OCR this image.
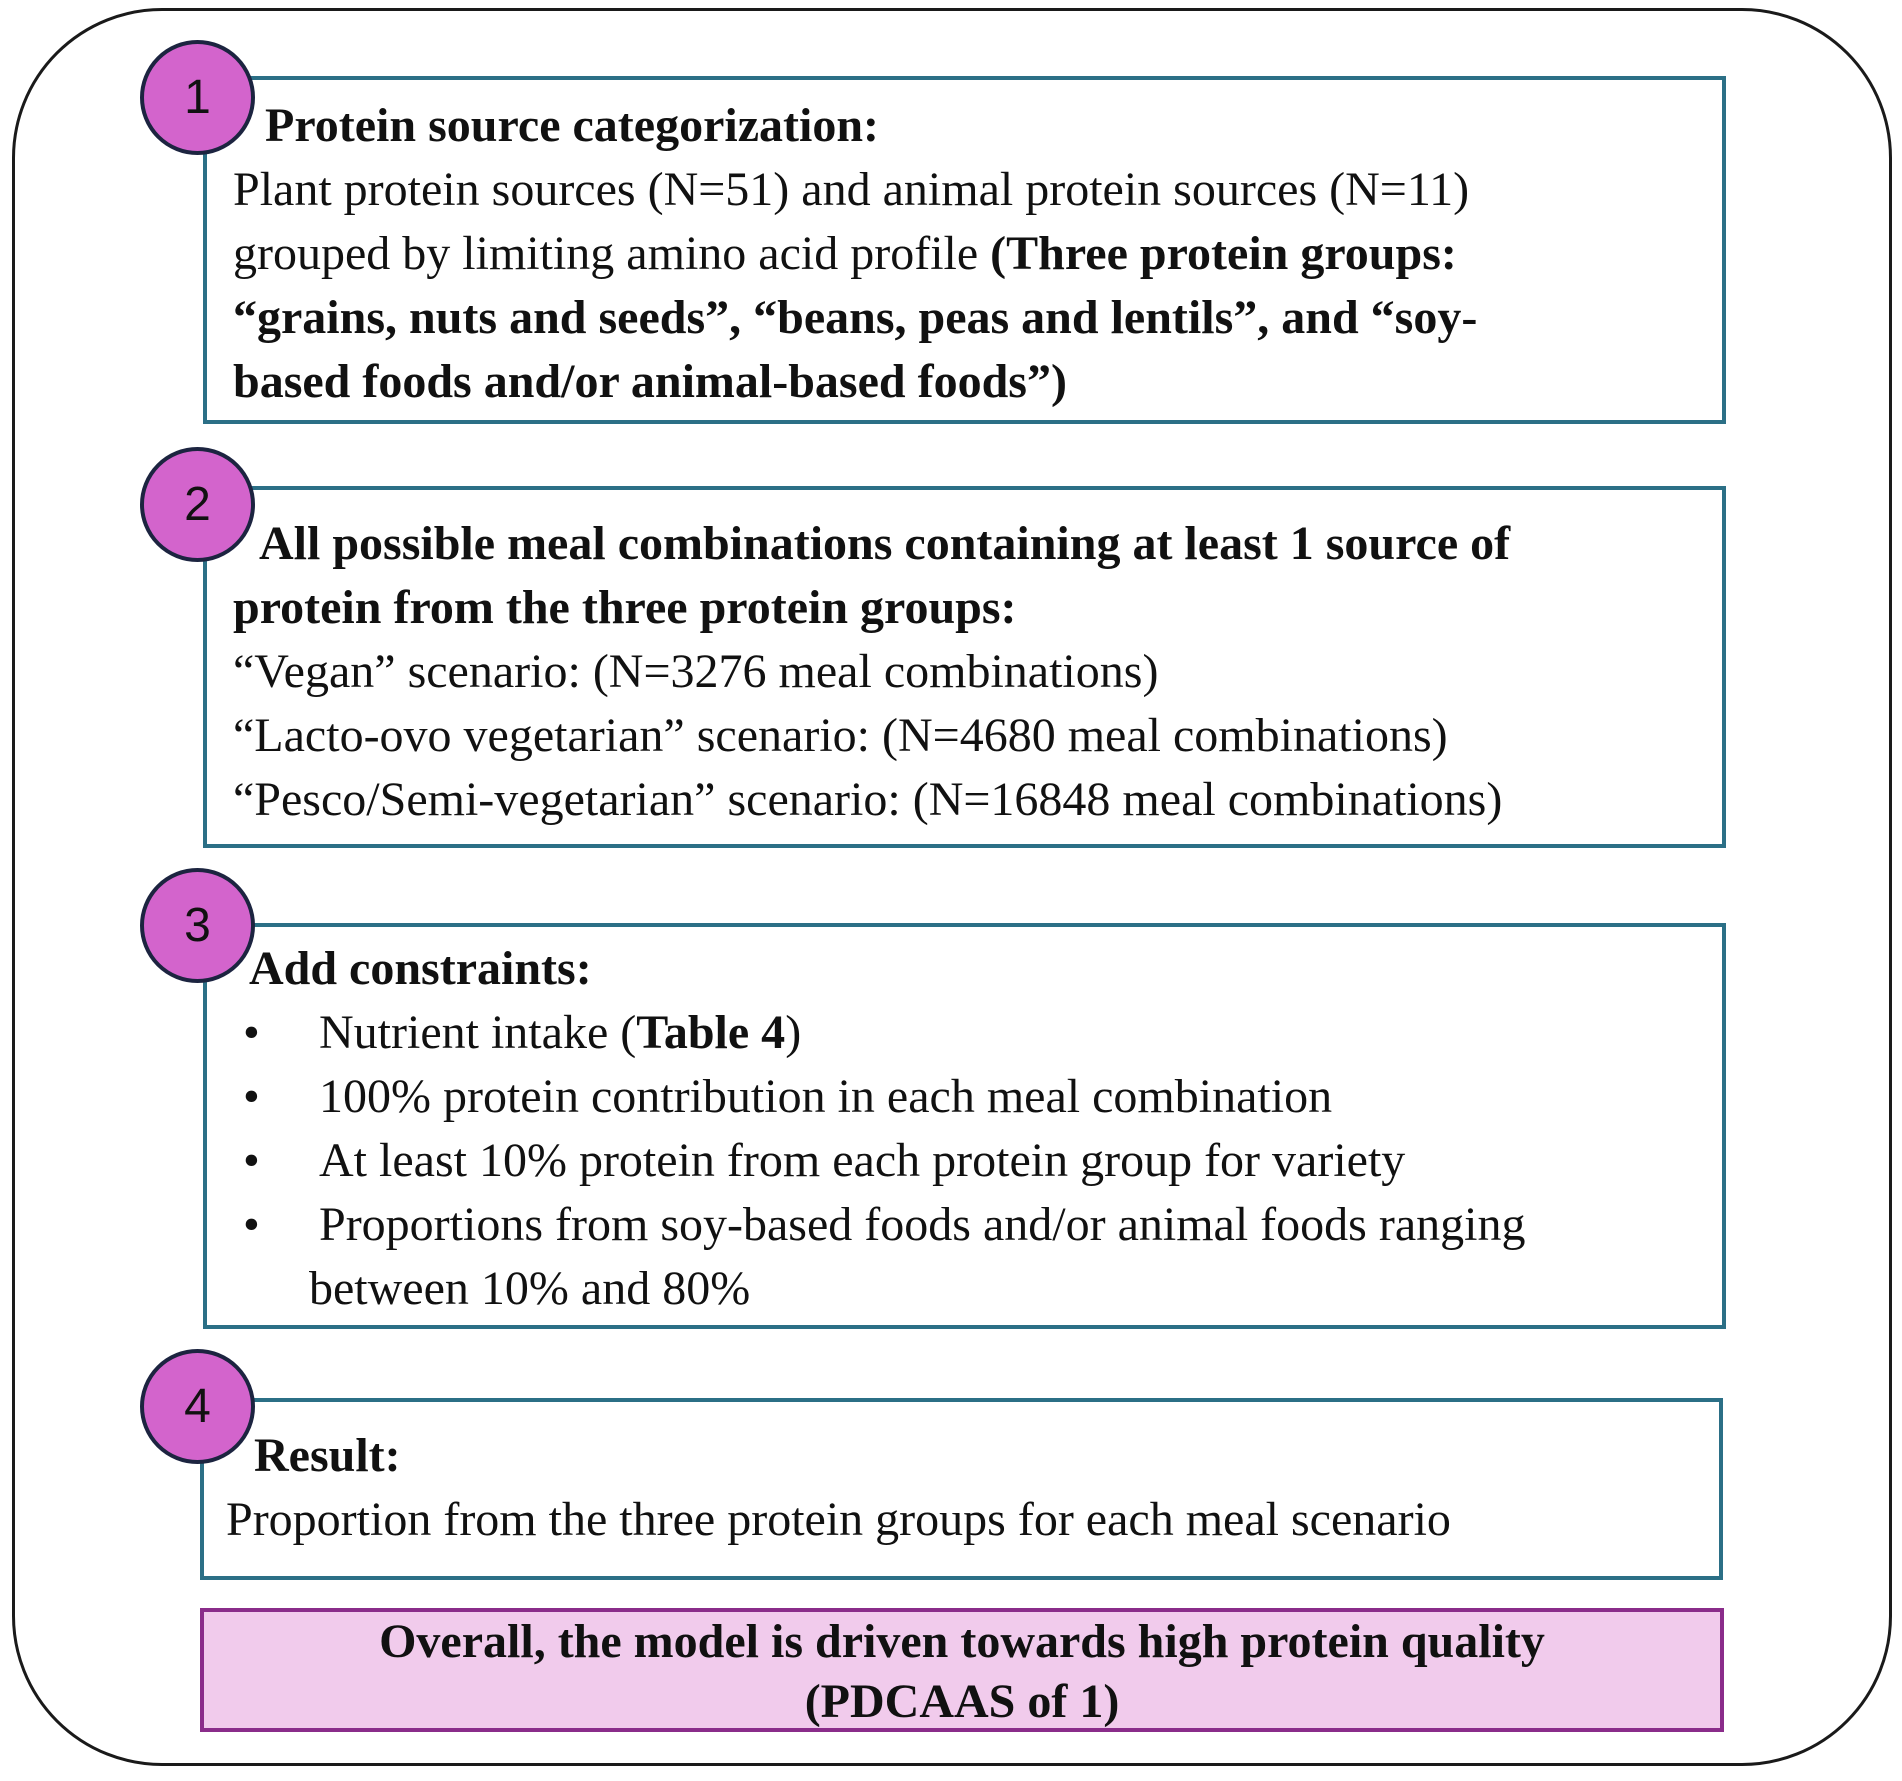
1
Protein source categorization:
Plant protein sources (N=51) and animal protein sources (N=11)
grouped by limiting amino acid profile (Three protein groups:
“grains, nuts and seeds”, “beans, peas and lentils”, and “soy-
based foods and/or animal-based foods”)
2
All possible meal combinations containing at least 1 source of
protein from the three protein groups:
“Vegan” scenario: (N=3276 meal combinations)
“Lacto-ovo vegetarian” scenario: (N=4680 meal combinations)
“Pesco/Semi-vegetarian” scenario: (N=16848 meal combinations)
3
Add constraints:
•	Nutrient intake (Table 4)
•	100% protein contribution in each meal combination
•	At least 10% protein from each protein group for variety
•	Proportions from soy-based foods and/or animal foods ranging
between 10% and 80%
4
Result:
Proportion from the three protein groups for each meal scenario
Overall, the model is driven towards high protein quality
(PDCAAS of 1)
